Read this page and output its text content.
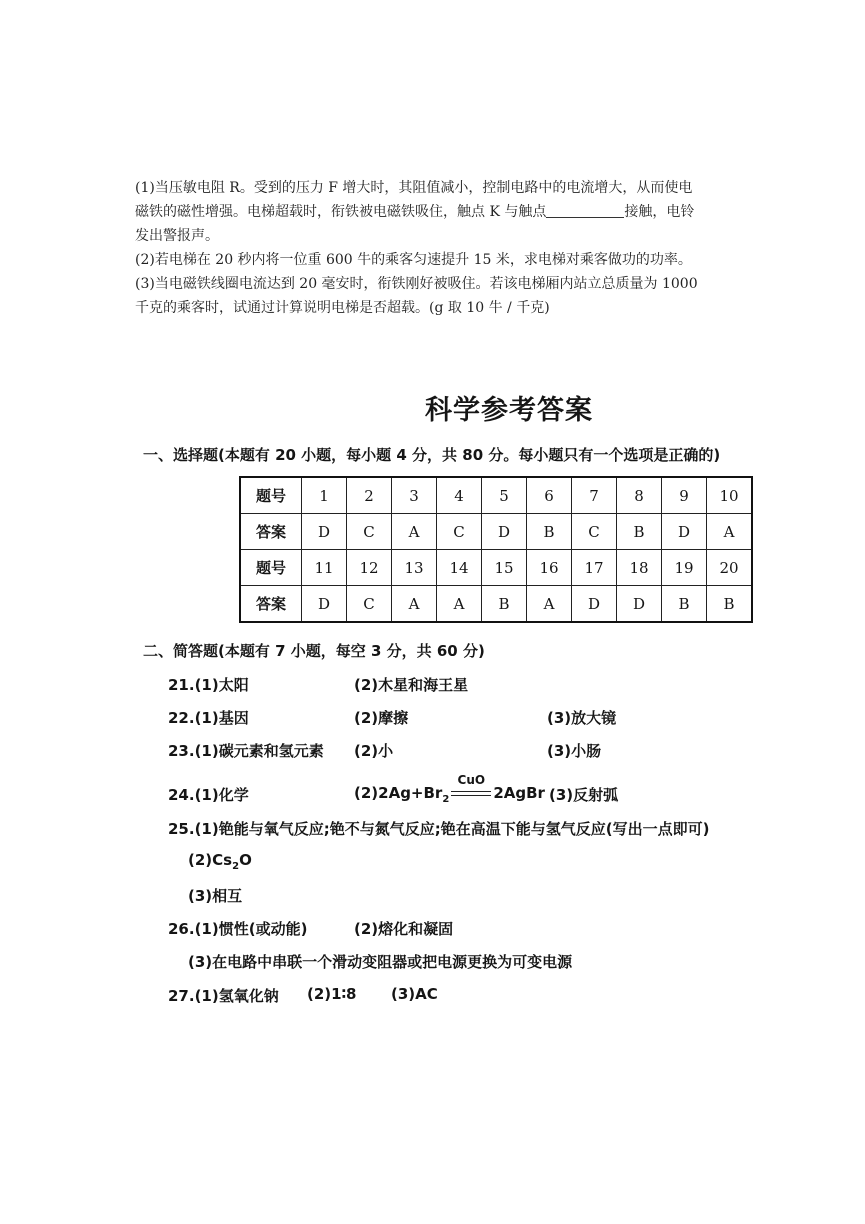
(1)当压敏电阻 R。受到的压力 F 增大时，其阻值减小，控制电路中的电流增大，从而使电
磁铁的磁性增强。电梯超载时，衔铁被电磁铁吸住，触点 K 与触点	接触，电铃
发出警报声。
(2)若电梯在 20 秒内将一位重 600 牛的乘客匀速提升 15 米，求电梯对乘客做功的功率。
(3)当电磁铁线圈电流达到 20 毫安时，衔铁刚好被吸住。若该电梯厢内站立总质量为 1000
千克的乘客时，试通过计算说明电梯是否超载。(g 取 10 牛 / 千克)
科学参考答案
一、选择题(本题有 20 小题，每小题 4 分，共 80 分。每小题只有一个选项是正确的)
题号	1	2	3	4	5	6	7	8	9	10
答案	D	C	A	C	D	B	C	B	D	A
题号	11	12	13	14	15	16	17	18	19	20
答案	D	C	A	A	B	A	D	D	B	B
二、简答题(本题有 7 小题，每空 3 分，共 60 分)
21.(1)太阳	(2)木星和海王星
22.(1)基因	(2)摩擦	(3)放大镜
23.(1)碳元素和氢元素 (2)小	(3)小肠
24.(1)化学	$(2)2Ag+Br_2$
CuO
2AgBr (3)反射弧
25.(1)铯能与氧气反应;铯不与氮气反应;铯在高温下能与氢气反应(写出一点即可)
$(2)Cs_2O$
(3)相互
26.(1)惯性(或动能)	(2)熔化和凝固
(3)在电路中串联一个滑动变阻器或把电源更换为可变电源
27.(1)氢氧化钠 (2)1∶8 (3)AC
